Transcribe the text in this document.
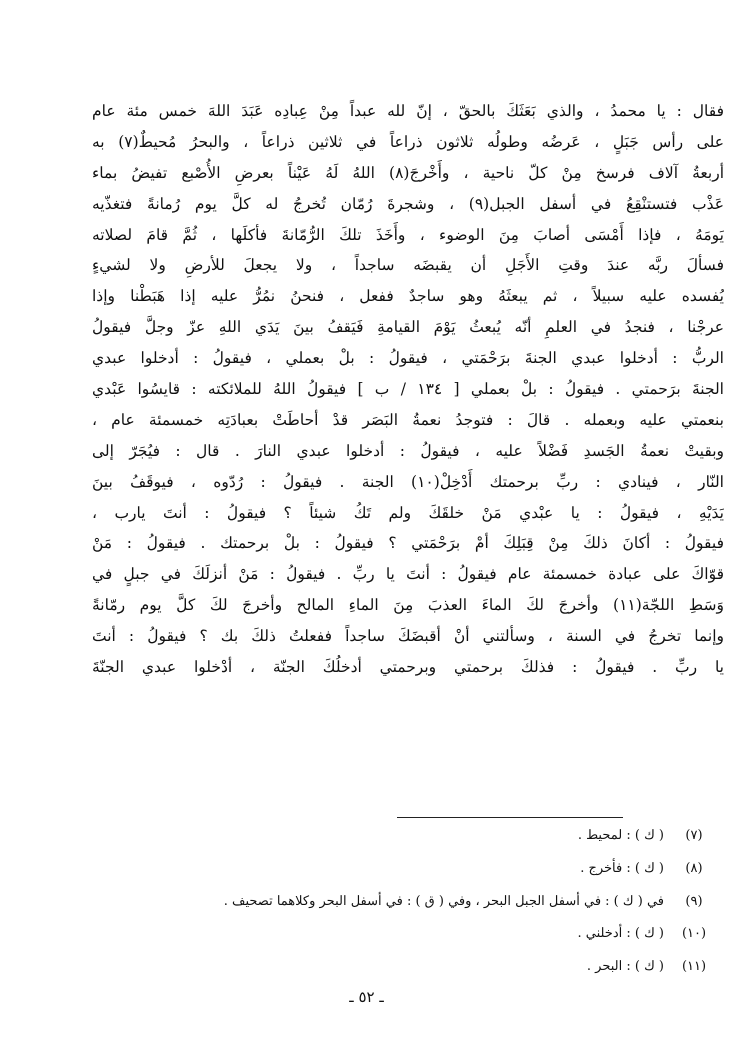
فقال : يا محمدُ ، والذي بَعَثَكَ بالحقّ ، إنّ لله عبداً مِنْ عِبادِه عَبَدَ اللهَ خمس مئة عام
على رأس جَبَلٍ ، عَرضُه وطولُه ثلاثون ذراعاً في ثلاثين ذراعاً ، والبحرُ مُحيطٌ(٧) به
أربعةُ آلاف فرسخ مِنْ كلّ ناحية ، وأَخْرجَ(٨) اللهُ لَهُ عَيْناً بعرضِ الأُصْبع تفيضُ بماء
عَذْب فتستنْقِعُ في أسفل الجبل(٩) ، وشجرةَ رُمّان تُخرجُ له كلَّ يوم رُمانةً فتغذّيه
يَومَهُ ، فإذا أَمْسَى أصابَ مِنَ الوضوء ، وأَخَذَ تلكَ الرُّمّانةَ فأكلَها ، ثُمَّ قامَ لصلاته
فسألَ ربَّه عندَ وقتِ الأَجَلِ أن يقبضَه ساجداً ، ولا يجعلَ للأرضِ ولا لشيءٍ
يُفسده عليه سبيلاً ، ثم يبعثَهُ وهو ساجدٌ ففعل ، فنحنُ نمُرُّ عليه إذا هَبَطْنا وإذا
عرجْنا ، فنجدُ في العلمِ أنّه يُبعثُ يَوْمَ القيامةِ فَيَقفُ بينَ يَدَي اللهِ عزّ وجلَّ فيقولُ
الربُّ : أدخلوا عبدي الجنةَ برَحْمَتي ، فيقولُ : بلْ بعملي ، فيقولُ : أدخلوا عبدي
الجنةَ برَحمتي . فيقولُ : بلْ بعملي [ ١٣٤ / ب ] فيقولُ اللهُ للملائكته : قايسُوا عَبْدي
بنعمتي عليه وبعمله . قالَ : فتوجدُ نعمةُ البَصَر قدْ أحاطَتْ بعبادَتِه خمسمئة عام ،
وبقيتْ نعمةُ الجَسدِ فَضْلاً عليه ، فيقولُ : أدخلوا عبدي النارَ . قال : فيُجَرّ إلى
النّار ، فينادي : ربِّ برحمتك أَدْخِلْ(١٠) الجنة . فيقولُ : رُدّوه ، فيوقَفُ بينَ
يَدَيْهِ ، فيقولُ : يا عبْدي مَنْ خلقَكَ ولم تَكُ شيئاً ؟ فيقولُ : أنتَ يارب ،
فيقولُ : أكانَ ذلكَ مِنْ قِبَلِكَ أمْ برَحْمَتي ؟ فيقولُ : بلْ برحمتك . فيقولُ : مَنْ
قوّاكَ على عبادة خمسمئة عام فيقولُ : أنتَ يا ربِّ . فيقولُ : مَنْ أنزلَكَ في جبلٍ في
وَسَطِ اللجّة(١١) وأخرجَ لكَ الماءَ العذبَ مِنَ الماءِ المالح وأخرجَ لكَ كلَّ يوم رمّانةً
وإنما تخرجُ في السنة ، وسألتني أنْ أقبضَكَ ساجداً ففعلتُ ذلكَ بك ؟ فيقولُ : أنتَ
يا ربِّ . فيقولُ : فذلكَ برحمتي وبرحمتي أدخلُكَ الجنّة ، أدْخلوا عبدي الجنّةَ
(٧)
( ك ) : لمحيط .
(٨)
( ك ) : فأخرج .
(٩)
في ( ك ) : في أسفل الجبل البحر ، وفي ( ق ) : في أسفل البحر وكلاهما تصحيف .
(١٠)
( ك ) : أدخلني .
(١١)
( ك ) : البحر .
ـ ٥٢ ـ
